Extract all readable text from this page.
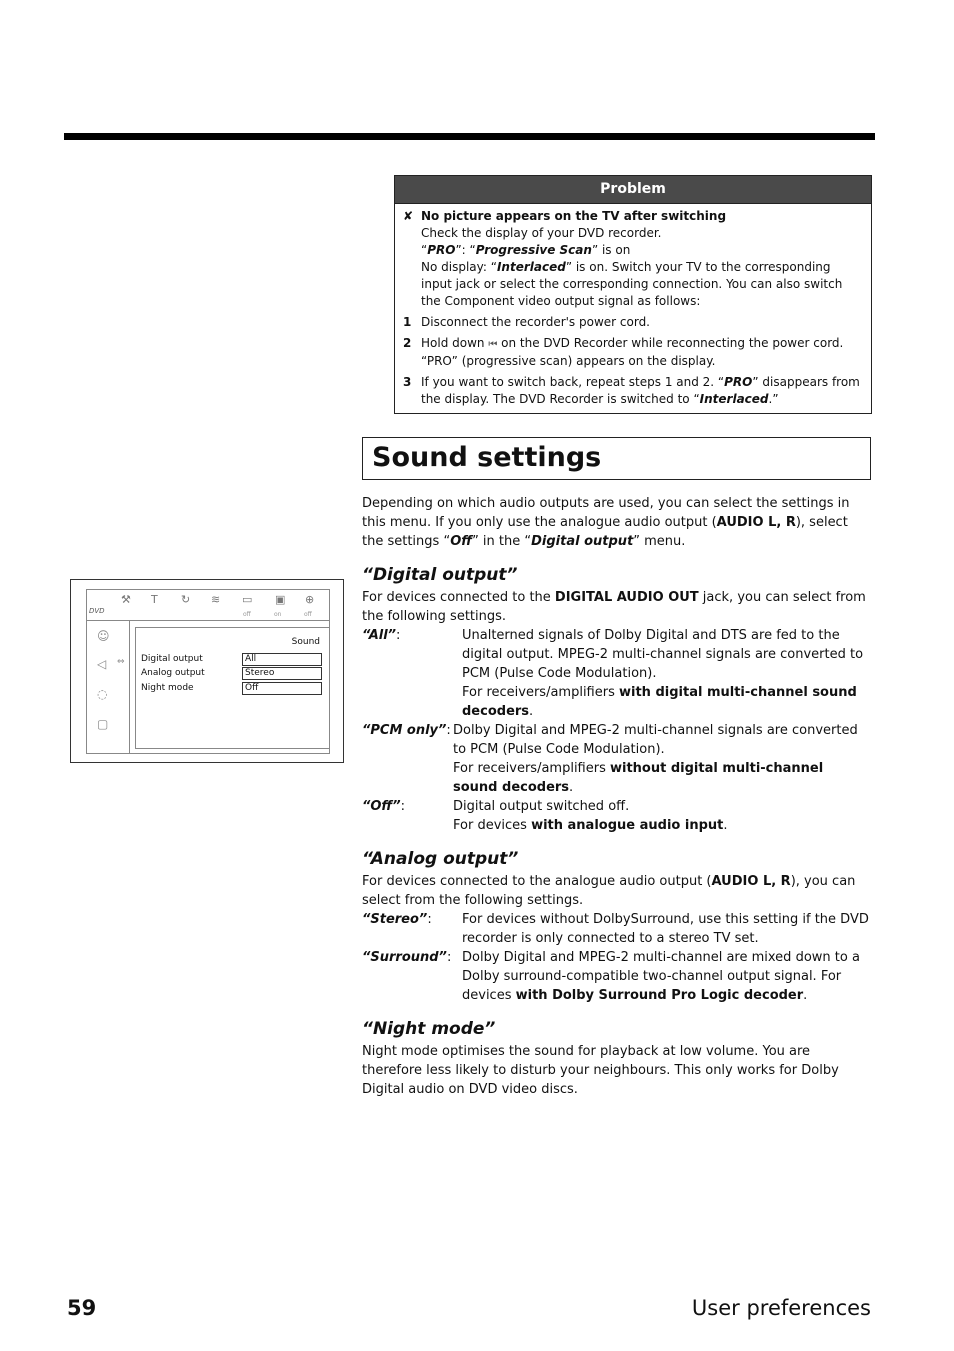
Problem
✘ No picture appears on the TV after switching
Check the display of your DVD recorder.
“PRO”: “Progressive Scan” is on
No display: “Interlaced” is on. Switch your TV to the corresponding input jack or select the corresponding connection. You can also switch the Component video output signal as follows:
1 Disconnect the recorder's power cord.
2 Hold down ⏮ on the DVD Recorder while reconnecting the power cord. “PRO” (progressive scan) appears on the display.
3 If you want to switch back, repeat steps 1 and 2. “PRO” disappears from the display. The DVD Recorder is switched to “Interlaced.”
Sound settings

Depending on which audio outputs are used, you can select the settings in this menu. If you only use the analogue audio output (AUDIO L, R), select the settings “Off” in the “Digital output” menu.

“Digital output”

For devices connected to the DIGITAL AUDIO OUT jack, you can select from the following settings.

“All”:	Unalterned signals of Dolby Digital and DTS are fed to the digital output. MPEG-2 multi-channel signals are converted to PCM (Pulse Code Modulation).
For receivers/amplifiers with digital multi-channel sound decoders.
“PCM only”: Dolby Digital and MPEG-2 multi-channel signals are converted to PCM (Pulse Code Modulation).
For receivers/amplifiers without digital multi-channel sound decoders.
“Off”:	Digital output switched off.
For devices with analogue audio input.
“Analog output”

For devices connected to the analogue audio output (AUDIO L, R), you can select from the following settings.

“Stereo”:	For devices without DolbySurround, use this setting if the DVD recorder is only connected to a stereo TV set.
“Surround”: Dolby Digital and MPEG-2 multi-channel are mixed down to a Dolby surround-compatible two-channel output signal. For devices with Dolby Surround Pro Logic decoder.
“Night mode”

Night mode optimises the sound for playback at low volume. You are therefore less likely to disturb your neighbours. This only works for Dolby Digital audio on DVD video discs.

DVD
⚒ T ↻ ≋ ▭ ▣ ⊕
off	on	off
☺
◁ ⇔
◌
▢
Sound
Digital output	All
Analog output	Stereo
Night mode	Off
59	User preferences
